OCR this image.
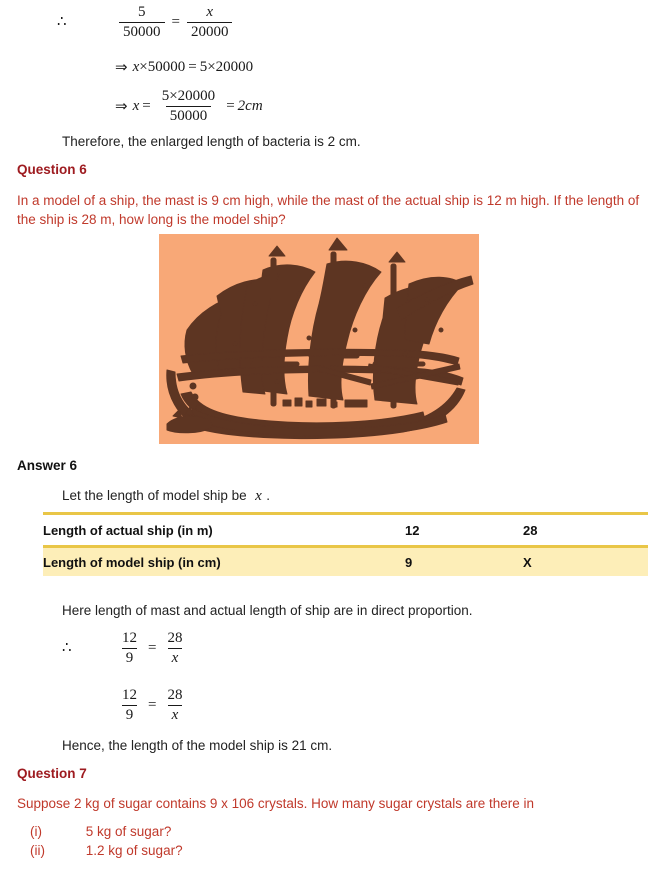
∴	$\frac{5}{50000} = \frac{x}{20000}$
⇒ x × 50000 = 5 × 20000
⇒ $x = \frac{5\times 20000}{50000} = 2cm$
Therefore, the enlarged length of bacteria is 2 cm.
Question 6
In a model of a ship, the mast is 9 cm high, while the mast of the actual ship is 12 m high. If the length of the ship is 28 m, how long is the model ship?
Answer 6
Let the length of model ship be x .
Length of actual ship (in m)	12	28
Length of model ship (in cm)	9	X
Here length of mast and actual length of ship are in direct proportion.
∴	$\frac{12}{9} = \frac{28}{x}$
$\frac{12}{9} = \frac{28}{x}$
Hence, the length of the model ship is 21 cm.
Question 7
Suppose 2 kg of sugar contains 9 x 106 crystals. How many sugar crystals are there in
(i)	5 kg of sugar?
(ii)	1.2 kg of sugar?
